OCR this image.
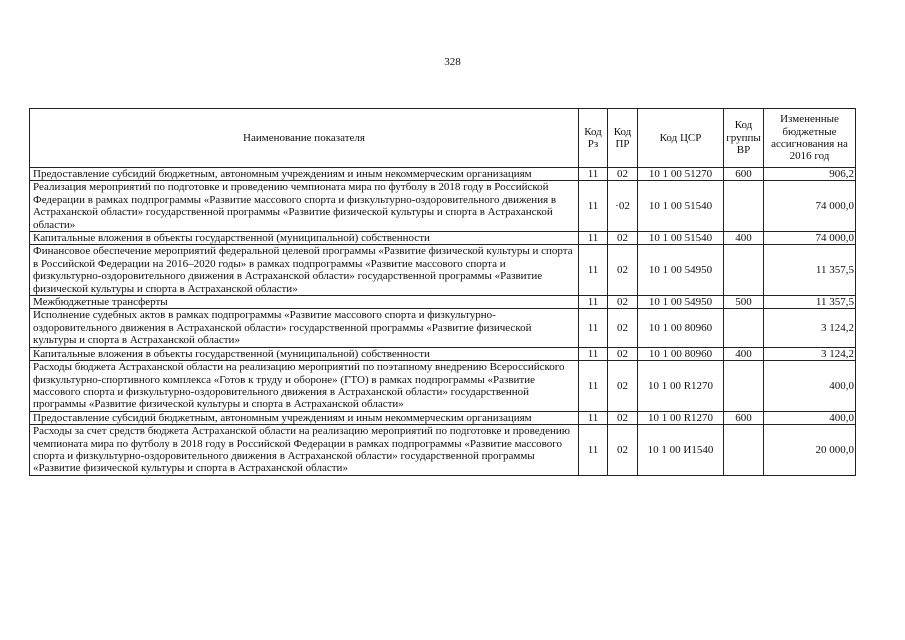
328
Наименование показателя	Код Рз	Код ПР	Код ЦСР	Код группы ВР	Измененные бюджетные ассигнования на 2016 год
Предоставление субсидий бюджетным, автономным учреждениям и иным некоммерческим организациям	11	02	10 1 00 51270	600	906,2
Реализация мероприятий по подготовке и проведению чемпионата мира по футболу в 2018 году в Российской Федерации в рамках подпрограммы «Развитие массового спорта и физкультурно-оздоровительного движения в Астраханской области» государственной программы «Развитие физической культуры и спорта в Астраханской области»	11	·02	10 1 00 51540		74 000,0
Капитальные вложения в объекты государственной (муниципальной) собственности	11	02	10 1 00 51540	400	74 000,0
Финансовое обеспечение мероприятий федеральной целевой программы «Развитие физической культуры и спорта в Российской Федерации на 2016–2020 годы» в рамках подпрограммы «Развитие массового спорта и физкультурно-оздоровительного движения в Астраханской области» государственной программы «Развитие физической культуры и спорта в Астраханской области»	11	02	10 1 00 54950		11 357,5
Межбюджетные трансферты	11	02	10 1 00 54950	500	11 357,5
Исполнение судебных актов в рамках подпрограммы «Развитие массового спорта и физкультурно-оздоровительного движения в Астраханской области» государственной программы «Развитие физической культуры и спорта в Астраханской области»	11	02	10 1 00 80960		3 124,2
Капитальные вложения в объекты государственной (муниципальной) собственности	11	02	10 1 00 80960	400	3 124,2
Расходы бюджета Астраханской области на реализацию мероприятий по поэтапному внедрению Всероссийского физкультурно-спортивного комплекса «Готов к труду и обороне» (ГТО) в рамках подпрограммы «Развитие массового спорта и физкультурно-оздоровительного движения в Астраханской области» государственной программы «Развитие физической культуры и спорта в Астраханской области»	11	02	10 1 00 R1270		400,0
Предоставление субсидий бюджетным, автономным учреждениям и иным некоммерческим организациям	11	02	10 1 00 R1270	600	400,0
Расходы за счет средств бюджета Астраханской области на реализацию мероприятий по подготовке и проведению чемпионата мира по футболу в 2018 году в Российской Федерации в рамках подпрограммы «Развитие массового спорта и физкультурно-оздоровительного движения в Астраханской области» государственной программы «Развитие физической культуры и спорта в Астраханской области»	11	02	10 1 00 И1540		20 000,0
